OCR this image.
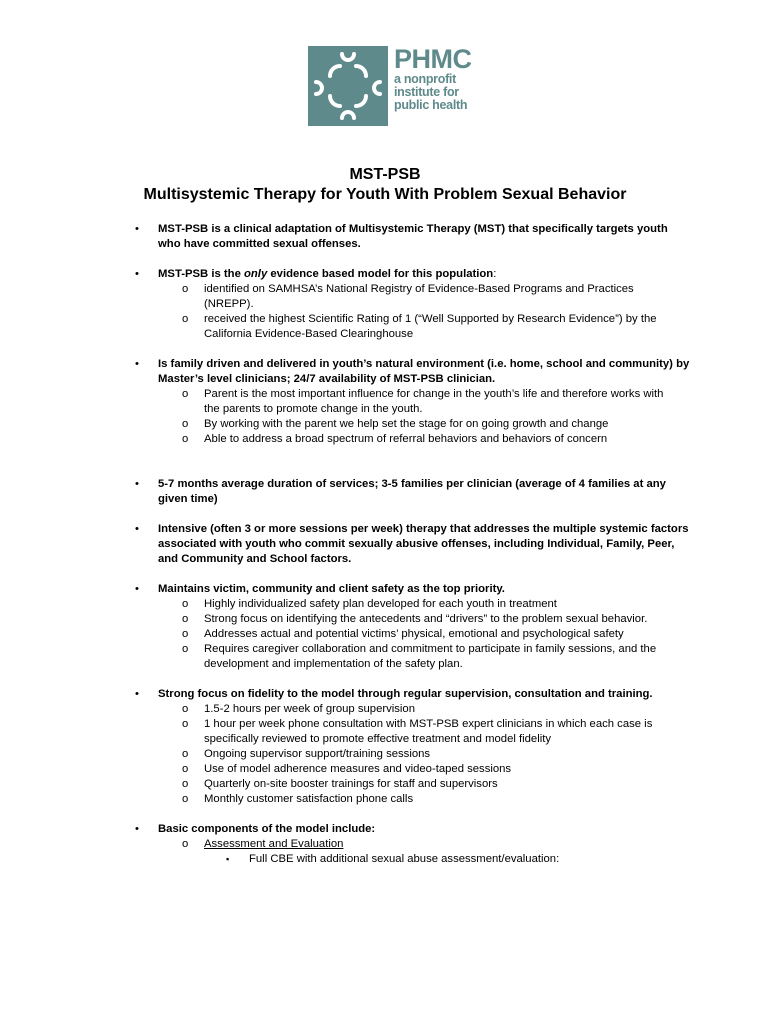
PHMC
a nonprofit
institute for
public health
MST-PSB
Multisystemic Therapy for Youth With Problem Sexual Behavior
• MST-PSB is a clinical adaptation of Multisystemic Therapy (MST) that specifically targets youth who have committed sexual offenses.
• MST-PSB is the only evidence based model for this population:
o identified on SAMHSA’s National Registry of Evidence-Based Programs and Practices (NREPP).
o received the highest Scientific Rating of 1 (“Well Supported by Research Evidence”) by the California Evidence-Based Clearinghouse
• Is family driven and delivered in youth’s natural environment (i.e. home, school and community) by Master’s level clinicians; 24/7 availability of MST-PSB clinician.
o Parent is the most important influence for change in the youth’s life and therefore works with the parents to promote change in the youth.
o By working with the parent we help set the stage for on going growth and change
o Able to address a broad spectrum of referral behaviors and behaviors of concern
• 5-7 months average duration of services; 3-5 families per clinician (average of 4 families at any given time)
• Intensive (often 3 or more sessions per week) therapy that addresses the multiple systemic factors associated with youth who commit sexually abusive offenses, including Individual, Family, Peer, and Community and School factors.
• Maintains victim, community and client safety as the top priority.
o Highly individualized safety plan developed for each youth in treatment
o Strong focus on identifying the antecedents and “drivers” to the problem sexual behavior.
o Addresses actual and potential victims’ physical, emotional and psychological safety
o Requires caregiver collaboration and commitment to participate in family sessions, and the development and implementation of the safety plan.
• Strong focus on fidelity to the model through regular supervision, consultation and training.
o 1.5-2 hours per week of group supervision
o 1 hour per week phone consultation with MST-PSB expert clinicians in which each case is specifically reviewed to promote effective treatment and model fidelity
o Ongoing supervisor support/training sessions
o Use of model adherence measures and video-taped sessions
o Quarterly on-site booster trainings for staff and supervisors
o Monthly customer satisfaction phone calls
• Basic components of the model include:
o Assessment and Evaluation
▪ Full CBE with additional sexual abuse assessment/evaluation:
